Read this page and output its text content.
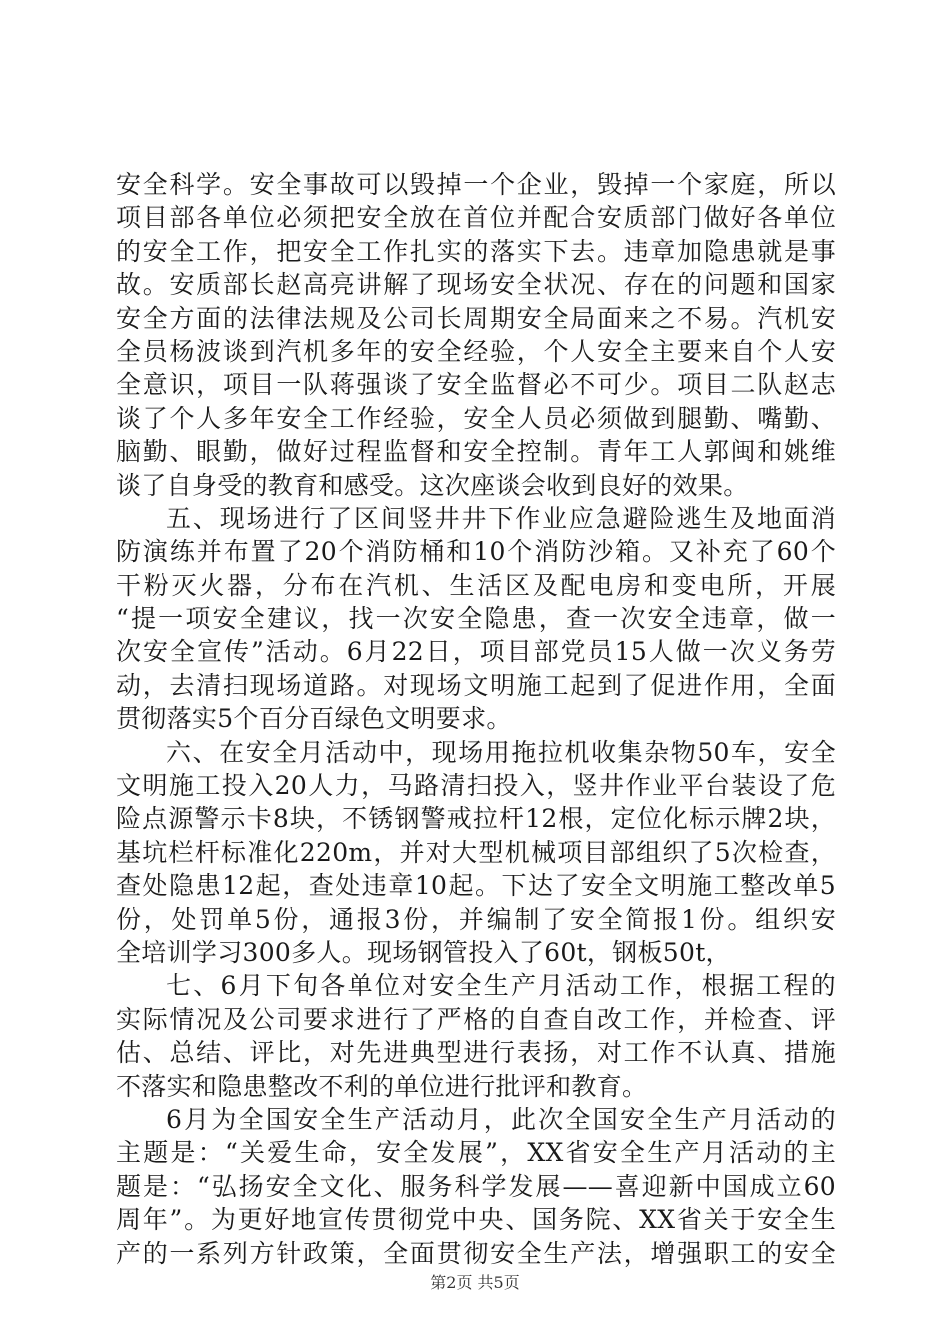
安全科学。安全事故可以毁掉一个企业，毁掉一个家庭，所以
项目部各单位必须把安全放在首位并配合安质部门做好各单位
的安全工作，把安全工作扎实的落实下去。违章加隐患就是事
故。安质部长赵高亮讲解了现场安全状况、存在的问题和国家
安全方面的法律法规及公司长周期安全局面来之不易。汽机安
全员杨波谈到汽机多年的安全经验，个人安全主要来自个人安
全意识，项目一队蒋强谈了安全监督必不可少。项目二队赵志
谈了个人多年安全工作经验，安全人员必须做到腿勤、嘴勤、
脑勤、眼勤，做好过程监督和安全控制。青年工人郭闽和姚维
谈了自身受的教育和感受。这次座谈会收到良好的效果。
五、现场进行了区间竖井井下作业应急避险逃生及地面消
防演练并布置了20个消防桶和10个消防沙箱。又补充了60个
干粉灭火器，分布在汽机、生活区及配电房和变电所，开展
“提一项安全建议，找一次安全隐患，查一次安全违章，做一
次安全宣传”活动。6月22日，项目部党员15人做一次义务劳
动，去清扫现场道路。对现场文明施工起到了促进作用，全面
贯彻落实5个百分百绿色文明要求。
六、在安全月活动中，现场用拖拉机收集杂物50车，安全
文明施工投入20人力，马路清扫投入，竖井作业平台装设了危
险点源警示卡8块，不锈钢警戒拉杆12根，定位化标示牌2块，
基坑栏杆标准化220m，并对大型机械项目部组织了5次检查，
查处隐患12起，查处违章10起。下达了安全文明施工整改单5
份，处罚单5份，通报3份，并编制了安全简报1份。组织安
全培训学习300多人。现场钢管投入了60t，钢板50t，
七、6月下旬各单位对安全生产月活动工作，根据工程的
实际情况及公司要求进行了严格的自查自改工作，并检查、评
估、总结、评比，对先进典型进行表扬，对工作不认真、措施
不落实和隐患整改不利的单位进行批评和教育。
6月为全国安全生产活动月，此次全国安全生产月活动的
主题是：“关爱生命，安全发展”，XX省安全生产月活动的主
题是：“弘扬安全文化、服务科学发展——喜迎新中国成立60
周年”。为更好地宣传贯彻党中央、国务院、XX省关于安全生
产的一系列方针政策，全面贯彻安全生产法，增强职工的安全
第2页 共5页
